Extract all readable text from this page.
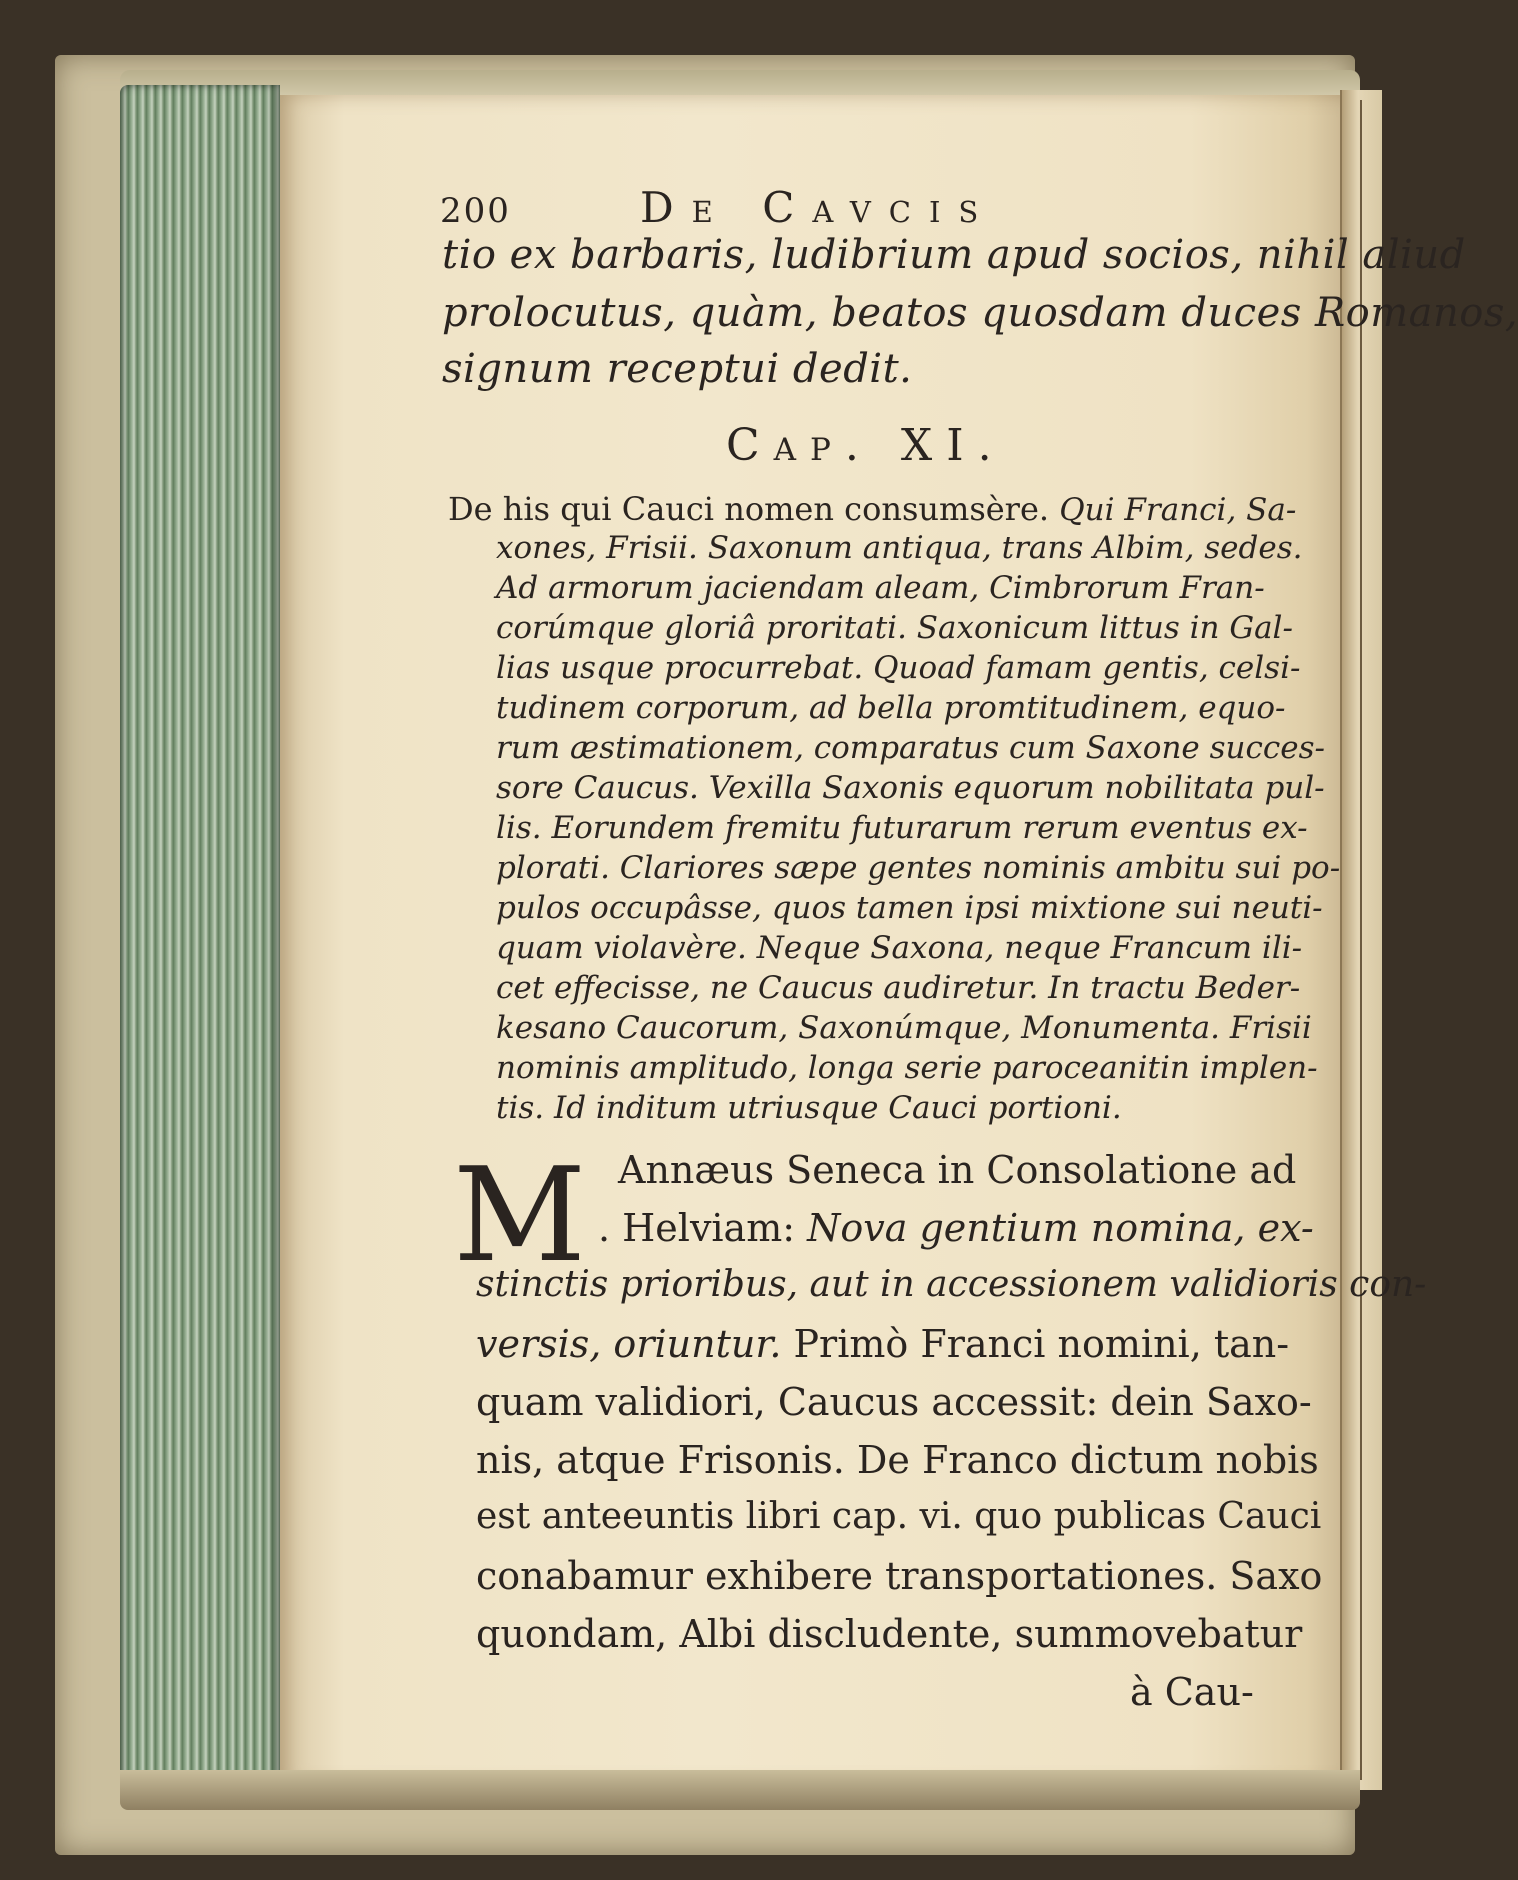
200	De Cavcis
tio ex barbaris, ludibrium apud socios, nihil aliud
prolocutus, quàm, beatos quosdam duces Romanos,
signum receptui dedit.
Cap. XI.
De his qui Cauci nomen consumsère. Qui Franci, Sa-
xones, Frisii. Saxonum antiqua, trans Albim, sedes.
Ad armorum jaciendam aleam, Cimbrorum Fran-
corúmque gloriâ proritati. Saxonicum littus in Gal-
lias usque procurrebat. Quoad famam gentis, celsi-
tudinem corporum, ad bella promtitudinem, equo-
rum æstimationem, comparatus cum Saxone succes-
sore Caucus. Vexilla Saxonis equorum nobilitata pul-
lis. Eorundem fremitu futurarum rerum eventus ex-
plorati. Clariores sæpe gentes nominis ambitu sui po-
pulos occupâsse, quos tamen ipsi mixtione sui neuti-
quam violavère. Neque Saxona, neque Francum ili-
cet effecisse, ne Caucus audiretur. In tractu Beder-
kesano Caucorum, Saxonúmque, Monumenta. Frisii
nominis amplitudo, longa serie paroceanitin implen-
tis. Id inditum utriusque Cauci portioni.
M Annæus Seneca in Consolatione ad
. Helviam: Nova gentium nomina, ex-
stinctis prioribus, aut in accessionem validioris con-
versis, oriuntur. Primò Franci nomini, tan-
quam validiori, Caucus accessit: dein Saxo-
nis, atque Frisonis. De Franco dictum nobis
est anteeuntis libri cap. vi. quo publicas Cauci
conabamur exhibere transportationes. Saxo
quondam, Albi discludente, summovebatur
à Cau-
